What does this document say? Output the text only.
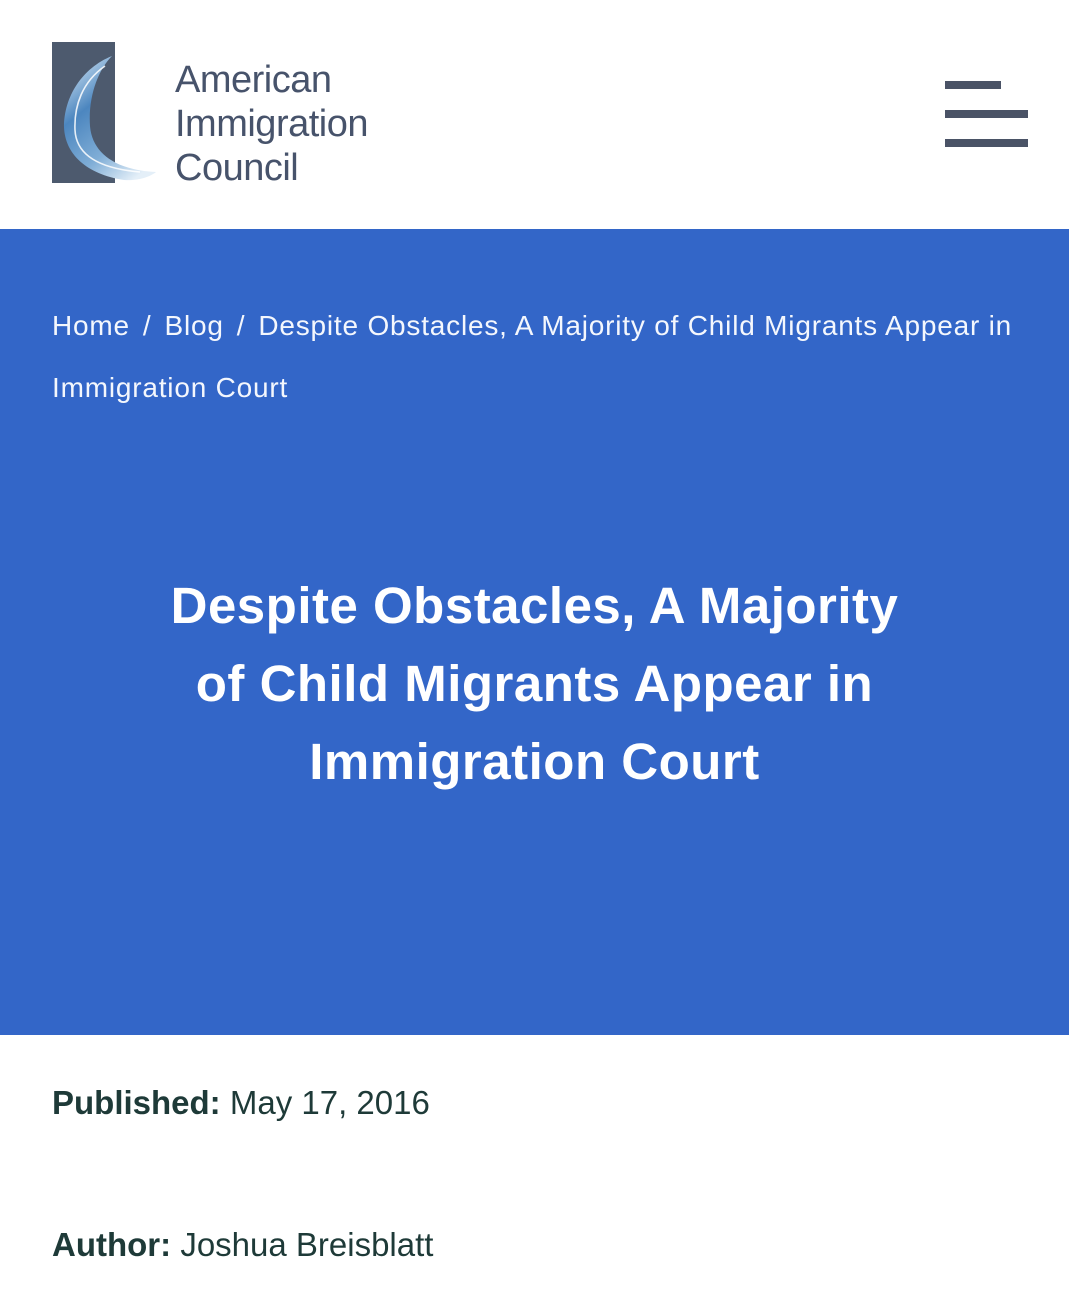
American
Immigration
Council
Home / Blog / Despite Obstacles, A Majority of Child Migrants Appear in Immigration Court
Despite Obstacles, A Majority
of Child Migrants Appear in
Immigration Court
Published: May 17, 2016
Author: Joshua Breisblatt
